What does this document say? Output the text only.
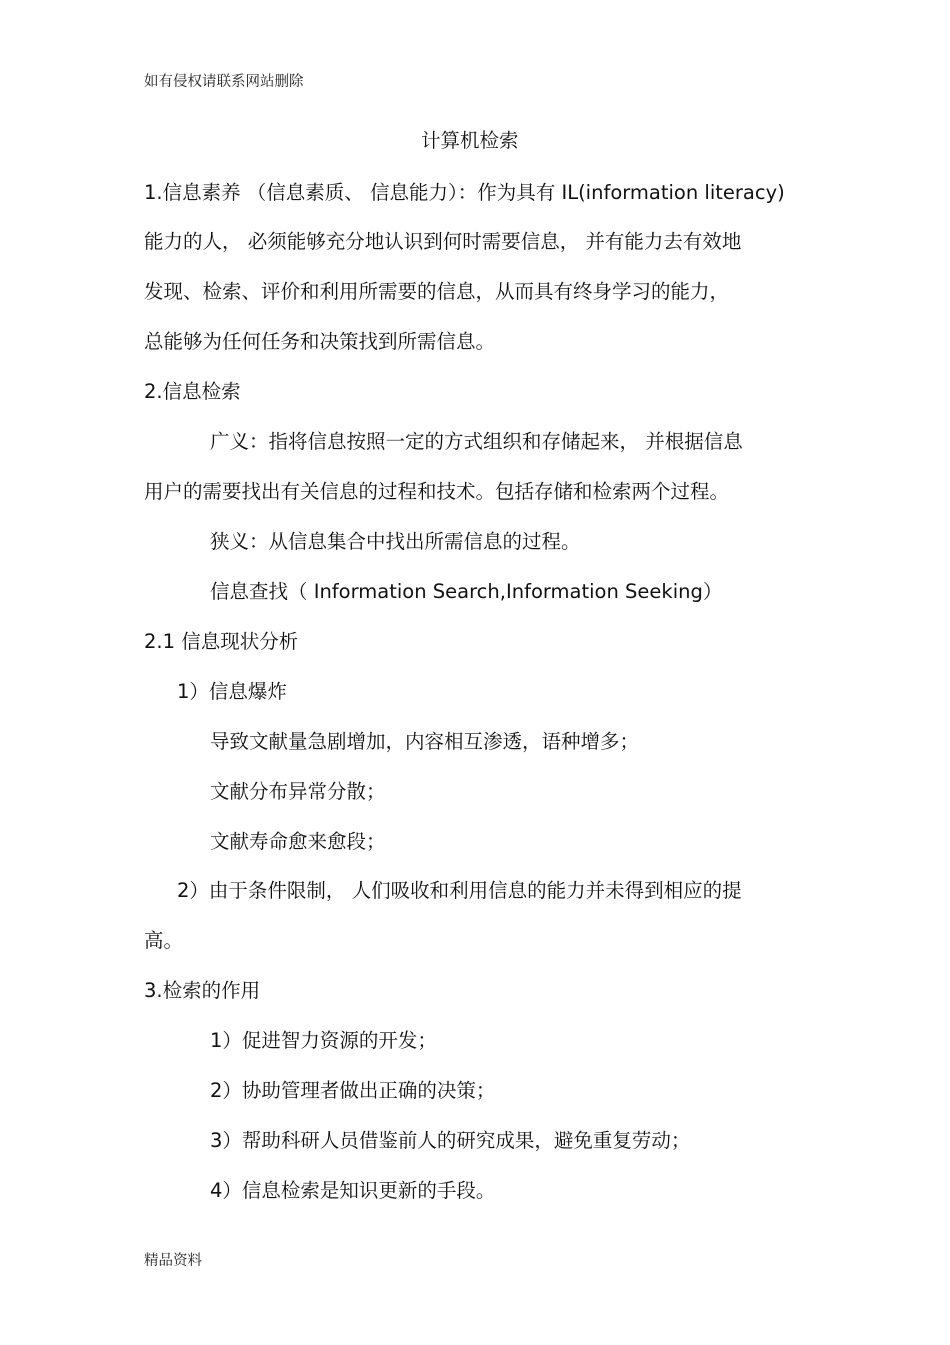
如有侵权请联系网站删除
计算机检索
1.信息素养 （信息素质、 信息能力）：作为具有 IL(information literacy)
能力的人， 必须能够充分地认识到何时需要信息， 并有能力去有效地
发现、检索、评价和利用所需要的信息，从而具有终身学习的能力，
总能够为任何任务和决策找到所需信息。
2.信息检索
广义：指将信息按照一定的方式组织和存储起来， 并根据信息
用户的需要找出有关信息的过程和技术。包括存储和检索两个过程。
狭义：从信息集合中找出所需信息的过程。
信息查找（ Information Search,Information Seeking）
2.1 信息现状分析
1）信息爆炸
导致文献量急剧增加，内容相互渗透，语种增多；
文献分布异常分散；
文献寿命愈来愈段；
2）由于条件限制， 人们吸收和利用信息的能力并未得到相应的提
高。
3.检索的作用
1）促进智力资源的开发；
2）协助管理者做出正确的决策；
3）帮助科研人员借鉴前人的研究成果，避免重复劳动；
4）信息检索是知识更新的手段。
精品资料
